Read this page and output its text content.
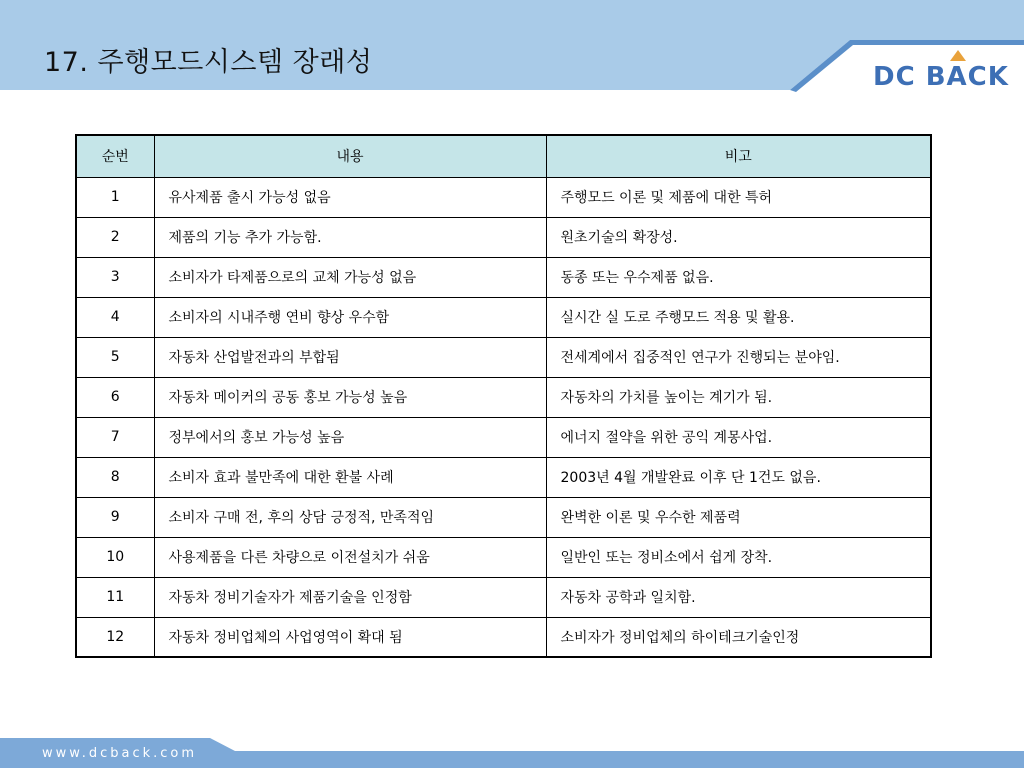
17. 주행모드시스템 장래성	DC B
ACK
순번	내용	비고
1	유사제품 출시 가능성 없음	주행모드 이론 및 제품에 대한 특허
2	제품의 기능 추가 가능함.	원초기술의 확장성.
3	소비자가 타제품으로의 교체 가능성 없음	동종 또는 우수제품 없음.
4	소비자의 시내주행 연비 향상 우수함	실시간 실 도로 주행모드 적용 및 활용.
5	자동차 산업발전과의 부합됨	전세계에서 집중적인 연구가 진행되는 분야임.
6	자동차 메이커의 공동 홍보 가능성 높음	자동차의 가치를 높이는 계기가 됨.
7	정부에서의 홍보 가능성 높음	에너지 절약을 위한 공익 계몽사업.
8	소비자 효과 불만족에 대한 환불 사례	2003년 4월 개발완료 이후 단 1건도 없음.
9	소비자 구매 전, 후의 상담 긍정적, 만족적임	완벽한 이론 및 우수한 제품력
10	사용제품을 다른 차량으로 이전설치가 쉬움	일반인 또는 정비소에서 쉽게 장착.
11	자동차 정비기술자가 제품기술을 인정함	자동차 공학과 일치함.
12	자동차 정비업체의 사업영역이 확대 됨	소비자가 정비업체의 하이테크기술인정
www.dcback.com
